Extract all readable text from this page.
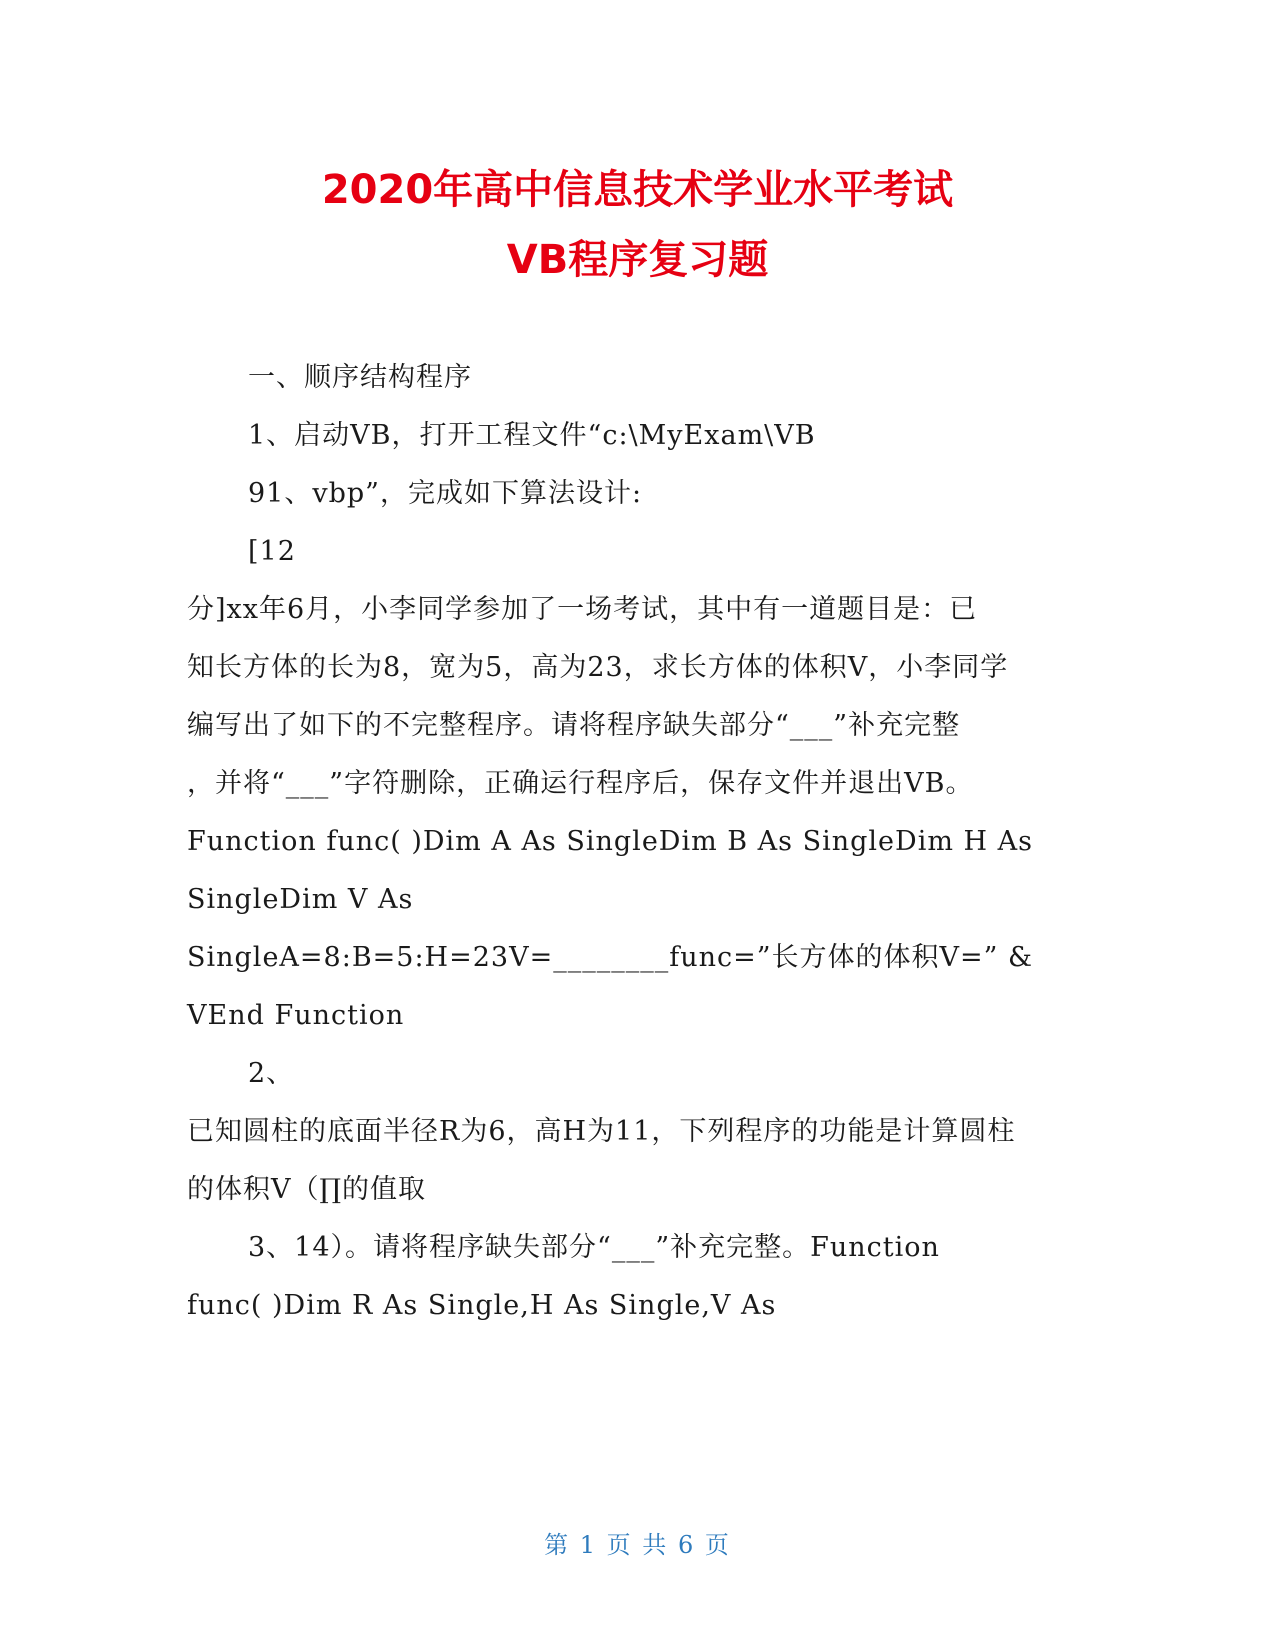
2020年高中信息技术学业水平考试
VB程序复习题

一、顺序结构程序

1、启动VB，打开工程文件“c:\MyExam\VB

91、vbp”，完成如下算法设计:

[12

分]xx年6月，小李同学参加了一场考试，其中有一道题目是：已

知长方体的长为8，宽为5，高为23，求长方体的体积V，小李同学

编写出了如下的不完整程序。请将程序缺失部分“___”补充完整

，并将“___”字符删除，正确运行程序后，保存文件并退出VB。

Function func( )Dim A As SingleDim B As SingleDim H As

SingleDim V As

SingleA=8:B=5:H=23V=________func=”长方体的体积V=” &

VEnd Function

2、

已知圆柱的底面半径R为6，高H为11，下列程序的功能是计算圆柱

的体积V（∏的值取

3、14）。请将程序缺失部分“___”补充完整。Function

func( )Dim R As Single,H As Single,V As

第 1 页 共 6 页
